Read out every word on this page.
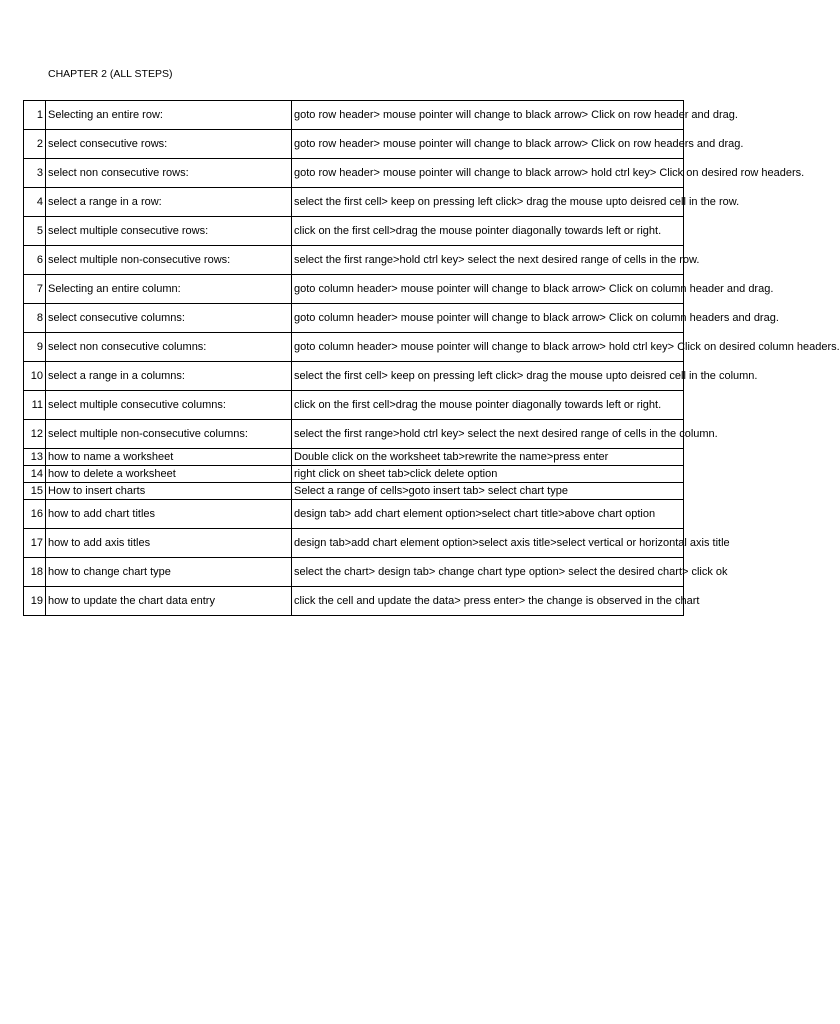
CHAPTER 2 (ALL STEPS)
1	Selecting an entire row:	goto row header> mouse pointer will change to black arrow> Click on row header and drag.
2	select consecutive rows:	goto row header> mouse pointer will change to black arrow> Click on row headers and drag.
3	select non consecutive rows:	goto row header> mouse pointer will change to black arrow> hold ctrl key> Click on desired row headers.
4	select a range in a row:	select the first cell> keep on pressing left click> drag the mouse upto deisred cell in the row.
5	select multiple consecutive rows:	click on the first cell>drag the mouse pointer diagonally towards left or right.
6	select multiple non-consecutive rows:	select the first range>hold ctrl key> select the next desired range of cells in the row.
7	Selecting an entire column:	goto column header> mouse pointer will change to black arrow> Click on column header and drag.
8	select consecutive columns:	goto column header> mouse pointer will change to black arrow> Click on column headers and drag.
9	select non consecutive columns:	goto column header> mouse pointer will change to black arrow> hold ctrl key> Click on desired column headers.
10	select a range in a columns:	select the first cell> keep on pressing left click> drag the mouse upto deisred cell in the column.
11	select multiple consecutive columns:	click on the first cell>drag the mouse pointer diagonally towards left or right.
12	select multiple non-consecutive columns:	select the first range>hold ctrl key> select the next desired range of cells in the column.
13	how to name a worksheet	Double click on the worksheet tab>rewrite the name>press enter
14	how to delete a worksheet	right click on sheet tab>click delete option
15	How to insert charts	Select a range of cells>goto insert tab> select chart type
16	how to add chart titles	design tab> add chart element option>select chart title>above chart option
17	how to add axis titles	design tab>add chart element option>select axis title>select vertical or horizontal axis title
18	how to change chart type	select the chart> design tab> change chart type option> select the desired chart> click ok
19	how to update the chart data entry	click the cell and update the data> press enter> the change is observed in the chart
